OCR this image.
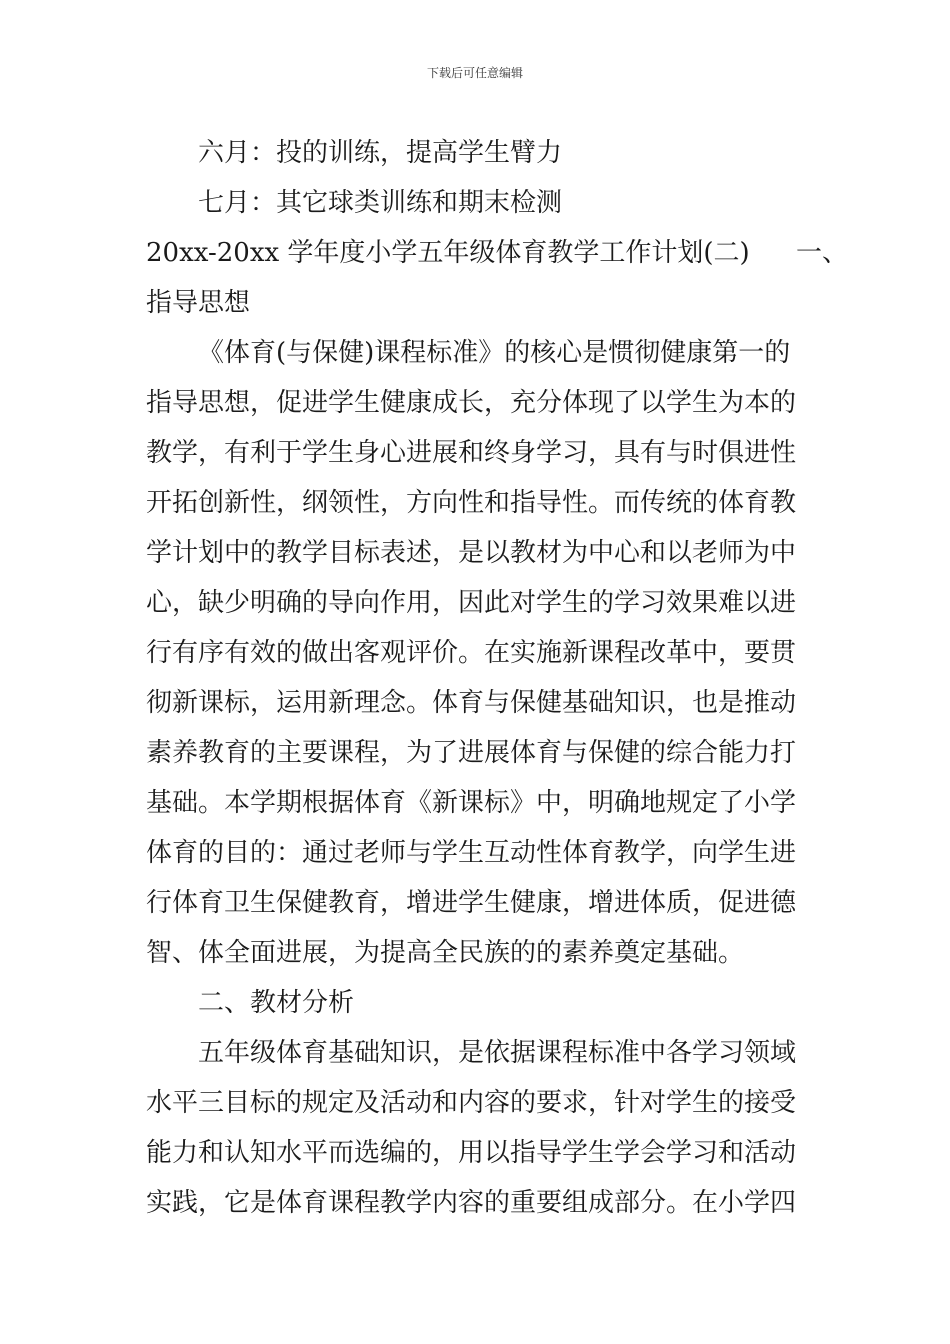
下载后可任意编辑
六月：投的训练，提高学生臂力
七月：其它球类训练和期末检测
20xx-20xx 学年度小学五年级体育教学工作计划(二) 一、
指导思想
《体育(与保健)课程标准》的核心是惯彻健康第一的
指导思想，促进学生健康成长，充分体现了以学生为本的
教学，有利于学生身心进展和终身学习，具有与时俱进性
开拓创新性，纲领性，方向性和指导性。而传统的体育教
学计划中的教学目标表述，是以教材为中心和以老师为中
心，缺少明确的导向作用，因此对学生的学习效果难以进
行有序有效的做出客观评价。在实施新课程改革中，要贯
彻新课标，运用新理念。体育与保健基础知识，也是推动
素养教育的主要课程，为了进展体育与保健的综合能力打
基础。本学期根据体育《新课标》中，明确地规定了小学
体育的目的：通过老师与学生互动性体育教学，向学生进
行体育卫生保健教育，增进学生健康，增进体质，促进德
智、体全面进展，为提高全民族的的素养奠定基础。
二、教材分析
五年级体育基础知识，是依据课程标准中各学习领域
水平三目标的规定及活动和内容的要求，针对学生的接受
能力和认知水平而选编的，用以指导学生学会学习和活动
实践，它是体育课程教学内容的重要组成部分。在小学四
